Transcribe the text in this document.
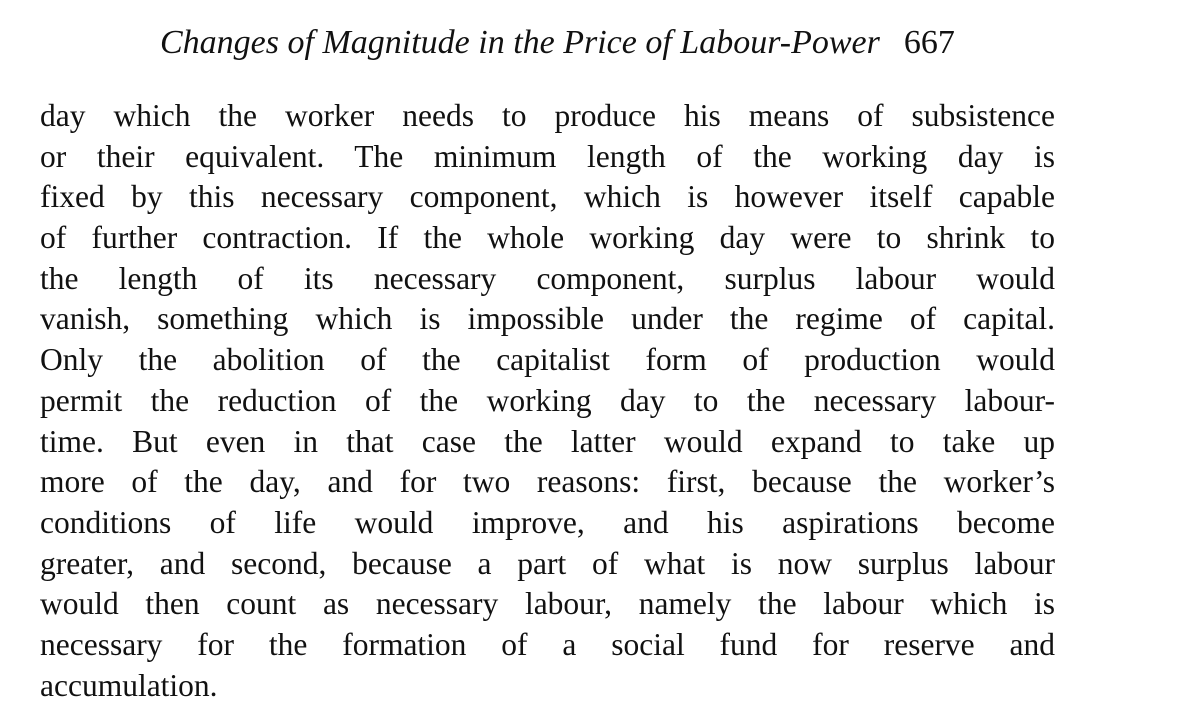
Changes of Magnitude in the Price of Labour-Power 667
day which the worker needs to produce his means of subsistence
or their equivalent. The minimum length of the working day is
fixed by this necessary component, which is however itself capable
of further contraction. If the whole working day were to shrink to
the length of its necessary component, surplus labour would
vanish, something which is impossible under the regime of capital.
Only the abolition of the capitalist form of production would
permit the reduction of the working day to the necessary labour-
time. But even in that case the latter would expand to take up
more of the day, and for two reasons: first, because the worker’s
conditions of life would improve, and his aspirations become
greater, and second, because a part of what is now surplus labour
would then count as necessary labour, namely the labour which is
necessary for the formation of a social fund for reserve and
accumulation.
